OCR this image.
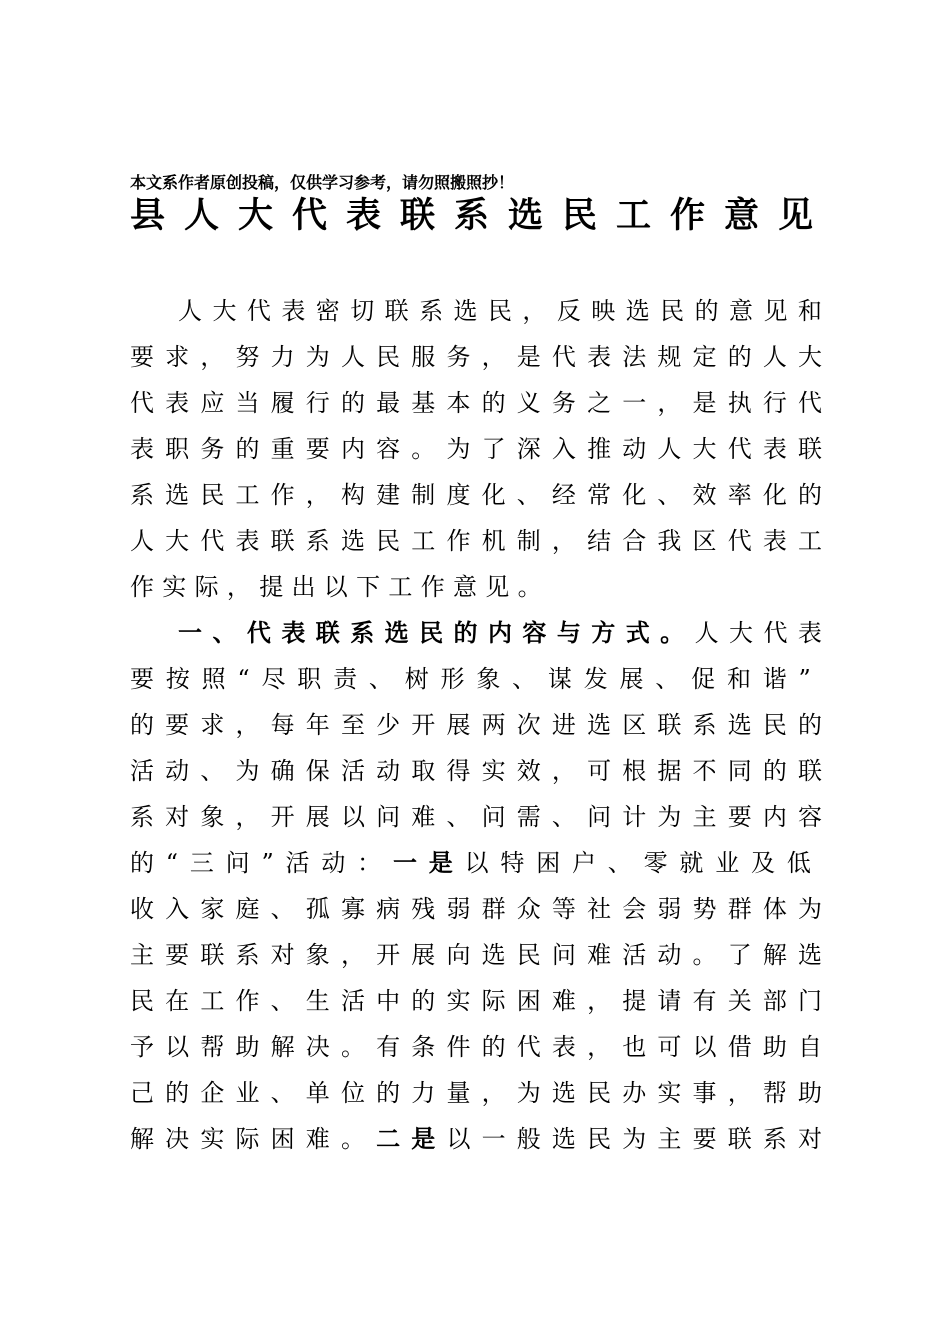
本文系作者原创投稿，仅供学习参考，请勿照搬照抄！
县人大代表联系选民工作意见
人大代表密切联系选民，反映选民的意见和
要求，努力为人民服务，是代表法规定的人大
代表应当履行的最基本的义务之一，是执行代
表职务的重要内容。为了深入推动人大代表联
系选民工作，构建制度化、经常化、效率化的
人大代表联系选民工作机制，结合我区代表工
作实际，提出以下工作意见。
一、代表联系选民的内容与方式。人大代表
要按照“尽职责、树形象、谋发展、促和谐”
的要求，每年至少开展两次进选区联系选民的
活动、为确保活动取得实效，可根据不同的联
系对象，开展以问难、问需、问计为主要内容
的“三问”活动：一是以特困户、零就业及低
收入家庭、孤寡病残弱群众等社会弱势群体为
主要联系对象，开展向选民问难活动。了解选
民在工作、生活中的实际困难，提请有关部门
予以帮助解决。有条件的代表，也可以借助自
己的企业、单位的力量，为选民办实事，帮助
解决实际困难。二是以一般选民为主要联系对
